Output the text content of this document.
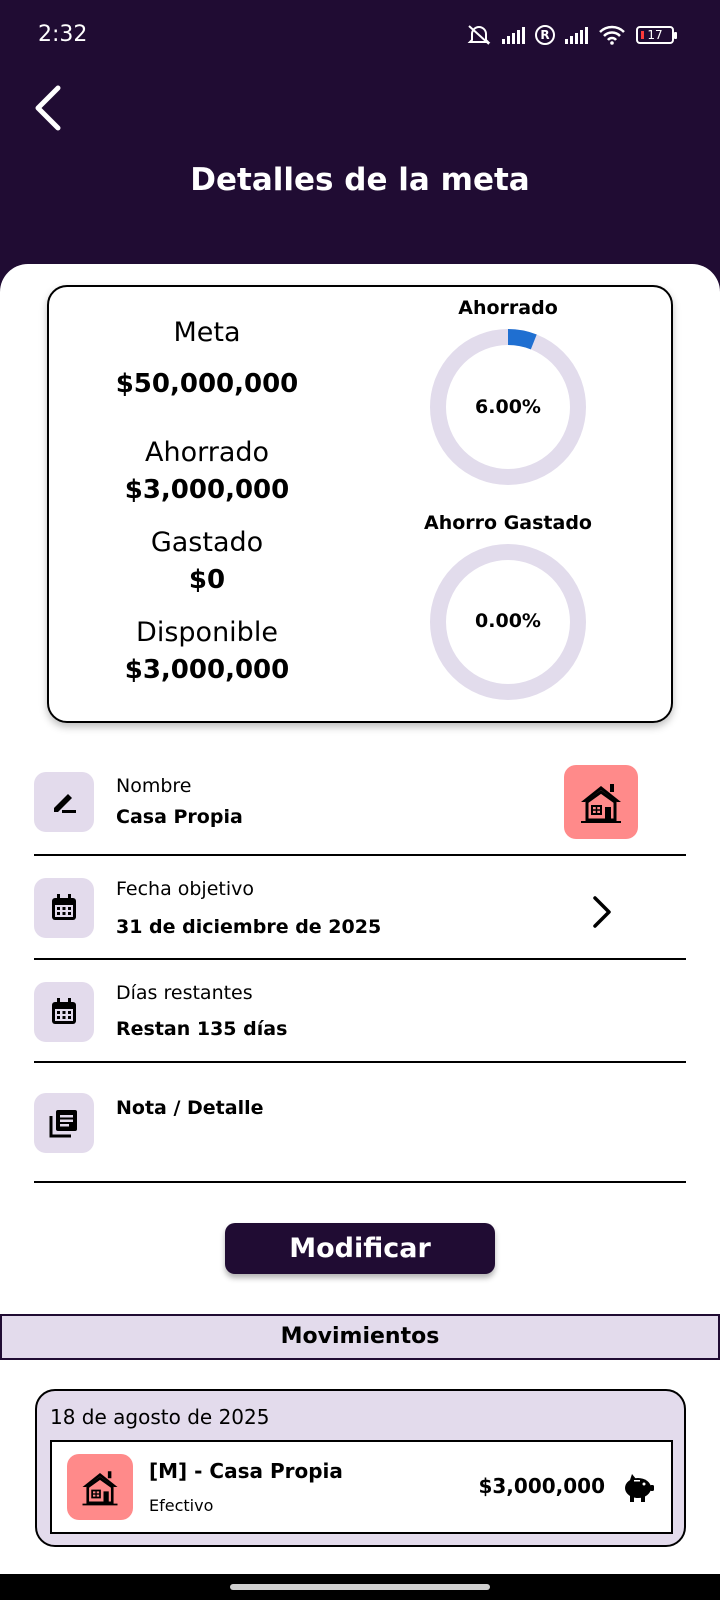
2:32	R	17
Detalles de la meta
Meta
$50,000,000
Ahorrado
$3,000,000
Gastado
$0
Disponible
$3,000,000
Ahorrado
6.00%
Ahorro Gastado
0.00%
Nombre
Casa Propia
Fecha objetivo
31 de diciembre de 2025
Días restantes
Restan 135 días
Nota / Detalle
Modificar
Movimientos
18 de agosto de 2025
[M] - Casa Propia
Efectivo
$3,000,000
